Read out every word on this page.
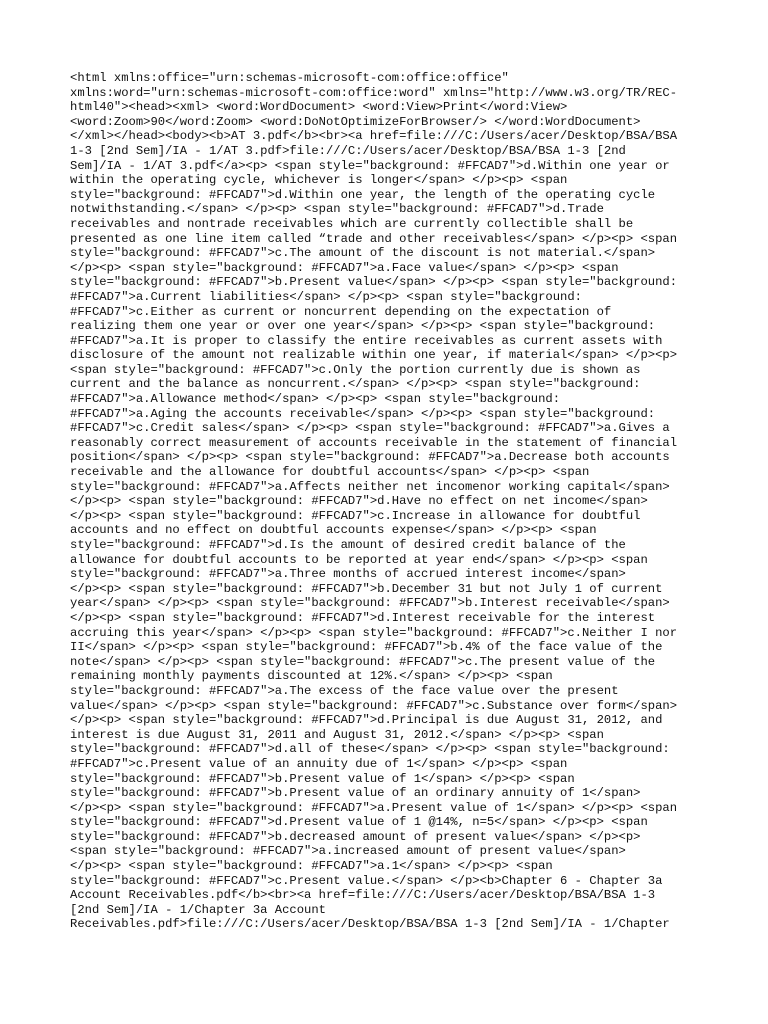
<html xmlns:office="urn:schemas-microsoft-com:office:office"
xmlns:word="urn:schemas-microsoft-com:office:word" xmlns="http://www.w3.org/TR/REC-
html40"><head><xml> <word:WordDocument> <word:View>Print</word:View>
<word:Zoom>90</word:Zoom> <word:DoNotOptimizeForBrowser/> </word:WordDocument>
</xml></head><body><b>AT 3.pdf</b><br><a href=file:///C:/Users/acer/Desktop/BSA/BSA
1-3 [2nd Sem]/IA - 1/AT 3.pdf>file:///C:/Users/acer/Desktop/BSA/BSA 1-3 [2nd
Sem]/IA - 1/AT 3.pdf</a><p> <span style="background: #FFCAD7">d.Within one year or
within the operating cycle, whichever is longer</span> </p><p> <span
style="background: #FFCAD7">d.Within one year, the length of the operating cycle
notwithstanding.</span> </p><p> <span style="background: #FFCAD7">d.Trade
receivables and nontrade receivables which are currently collectible shall be
presented as one line item called “trade and other receivables</span> </p><p> <span
style="background: #FFCAD7">c.The amount of the discount is not material.</span>
</p><p> <span style="background: #FFCAD7">a.Face value</span> </p><p> <span
style="background: #FFCAD7">b.Present value</span> </p><p> <span style="background:
#FFCAD7">a.Current liabilities</span> </p><p> <span style="background:
#FFCAD7">c.Either as current or noncurrent depending on the expectation of
realizing them one year or over one year</span> </p><p> <span style="background:
#FFCAD7">a.It is proper to classify the entire receivables as current assets with
disclosure of the amount not realizable within one year, if material</span> </p><p>
<span style="background: #FFCAD7">c.Only the portion currently due is shown as
current and the balance as noncurrent.</span> </p><p> <span style="background:
#FFCAD7">a.Allowance method</span> </p><p> <span style="background:
#FFCAD7">a.Aging the accounts receivable</span> </p><p> <span style="background:
#FFCAD7">c.Credit sales</span> </p><p> <span style="background: #FFCAD7">a.Gives a
reasonably correct measurement of accounts receivable in the statement of financial
position</span> </p><p> <span style="background: #FFCAD7">a.Decrease both accounts
receivable and the allowance for doubtful accounts</span> </p><p> <span
style="background: #FFCAD7">a.Affects neither net incomenor working capital</span>
</p><p> <span style="background: #FFCAD7">d.Have no effect on net income</span>
</p><p> <span style="background: #FFCAD7">c.Increase in allowance for doubtful
accounts and no effect on doubtful accounts expense</span> </p><p> <span
style="background: #FFCAD7">d.Is the amount of desired credit balance of the
allowance for doubtful accounts to be reported at year end</span> </p><p> <span
style="background: #FFCAD7">a.Three months of accrued interest income</span>
</p><p> <span style="background: #FFCAD7">b.December 31 but not July 1 of current
year</span> </p><p> <span style="background: #FFCAD7">b.Interest receivable</span>
</p><p> <span style="background: #FFCAD7">d.Interest receivable for the interest
accruing this year</span> </p><p> <span style="background: #FFCAD7">c.Neither I nor
II</span> </p><p> <span style="background: #FFCAD7">b.4% of the face value of the
note</span> </p><p> <span style="background: #FFCAD7">c.The present value of the
remaining monthly payments discounted at 12%.</span> </p><p> <span
style="background: #FFCAD7">a.The excess of the face value over the present
value</span> </p><p> <span style="background: #FFCAD7">c.Substance over form</span>
</p><p> <span style="background: #FFCAD7">d.Principal is due August 31, 2012, and
interest is due August 31, 2011 and August 31, 2012.</span> </p><p> <span
style="background: #FFCAD7">d.all of these</span> </p><p> <span style="background:
#FFCAD7">c.Present value of an annuity due of 1</span> </p><p> <span
style="background: #FFCAD7">b.Present value of 1</span> </p><p> <span
style="background: #FFCAD7">b.Present value of an ordinary annuity of 1</span>
</p><p> <span style="background: #FFCAD7">a.Present value of 1</span> </p><p> <span
style="background: #FFCAD7">d.Present value of 1 @14%, n=5</span> </p><p> <span
style="background: #FFCAD7">b.decreased amount of present value</span> </p><p>
<span style="background: #FFCAD7">a.increased amount of present value</span>
</p><p> <span style="background: #FFCAD7">a.1</span> </p><p> <span
style="background: #FFCAD7">c.Present value.</span> </p><b>Chapter 6 - Chapter 3a
Account Receivables.pdf</b><br><a href=file:///C:/Users/acer/Desktop/BSA/BSA 1-3
[2nd Sem]/IA - 1/Chapter 3a Account
Receivables.pdf>file:///C:/Users/acer/Desktop/BSA/BSA 1-3 [2nd Sem]/IA - 1/Chapter
